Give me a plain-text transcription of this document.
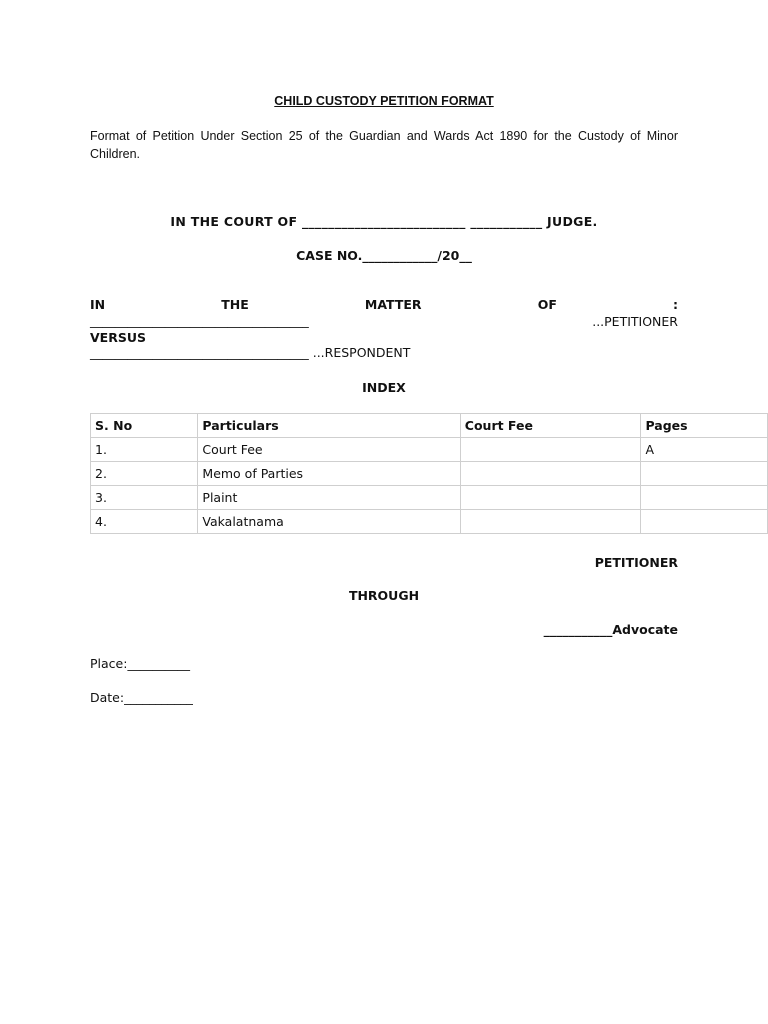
CHILD CUSTODY PETITION FORMAT
Format of Petition Under Section 25 of the Guardian and Wards Act 1890 for the Custody of Minor Children.
IN THE COURT OF _________________________ ___________ JUDGE.
CASE NO.____________/20__
IN	THE	MATTER	OF	:
___________________________________	...PETITIONER
VERSUS
___________________________________ ...RESPONDENT
INDEX
S. No	Particulars	Court Fee	Pages
1.	Court Fee		A
2.	Memo of Parties		
3.	Plaint		
4.	Vakalatnama		
PETITIONER
THROUGH
___________Advocate
Place:__________
Date:___________
